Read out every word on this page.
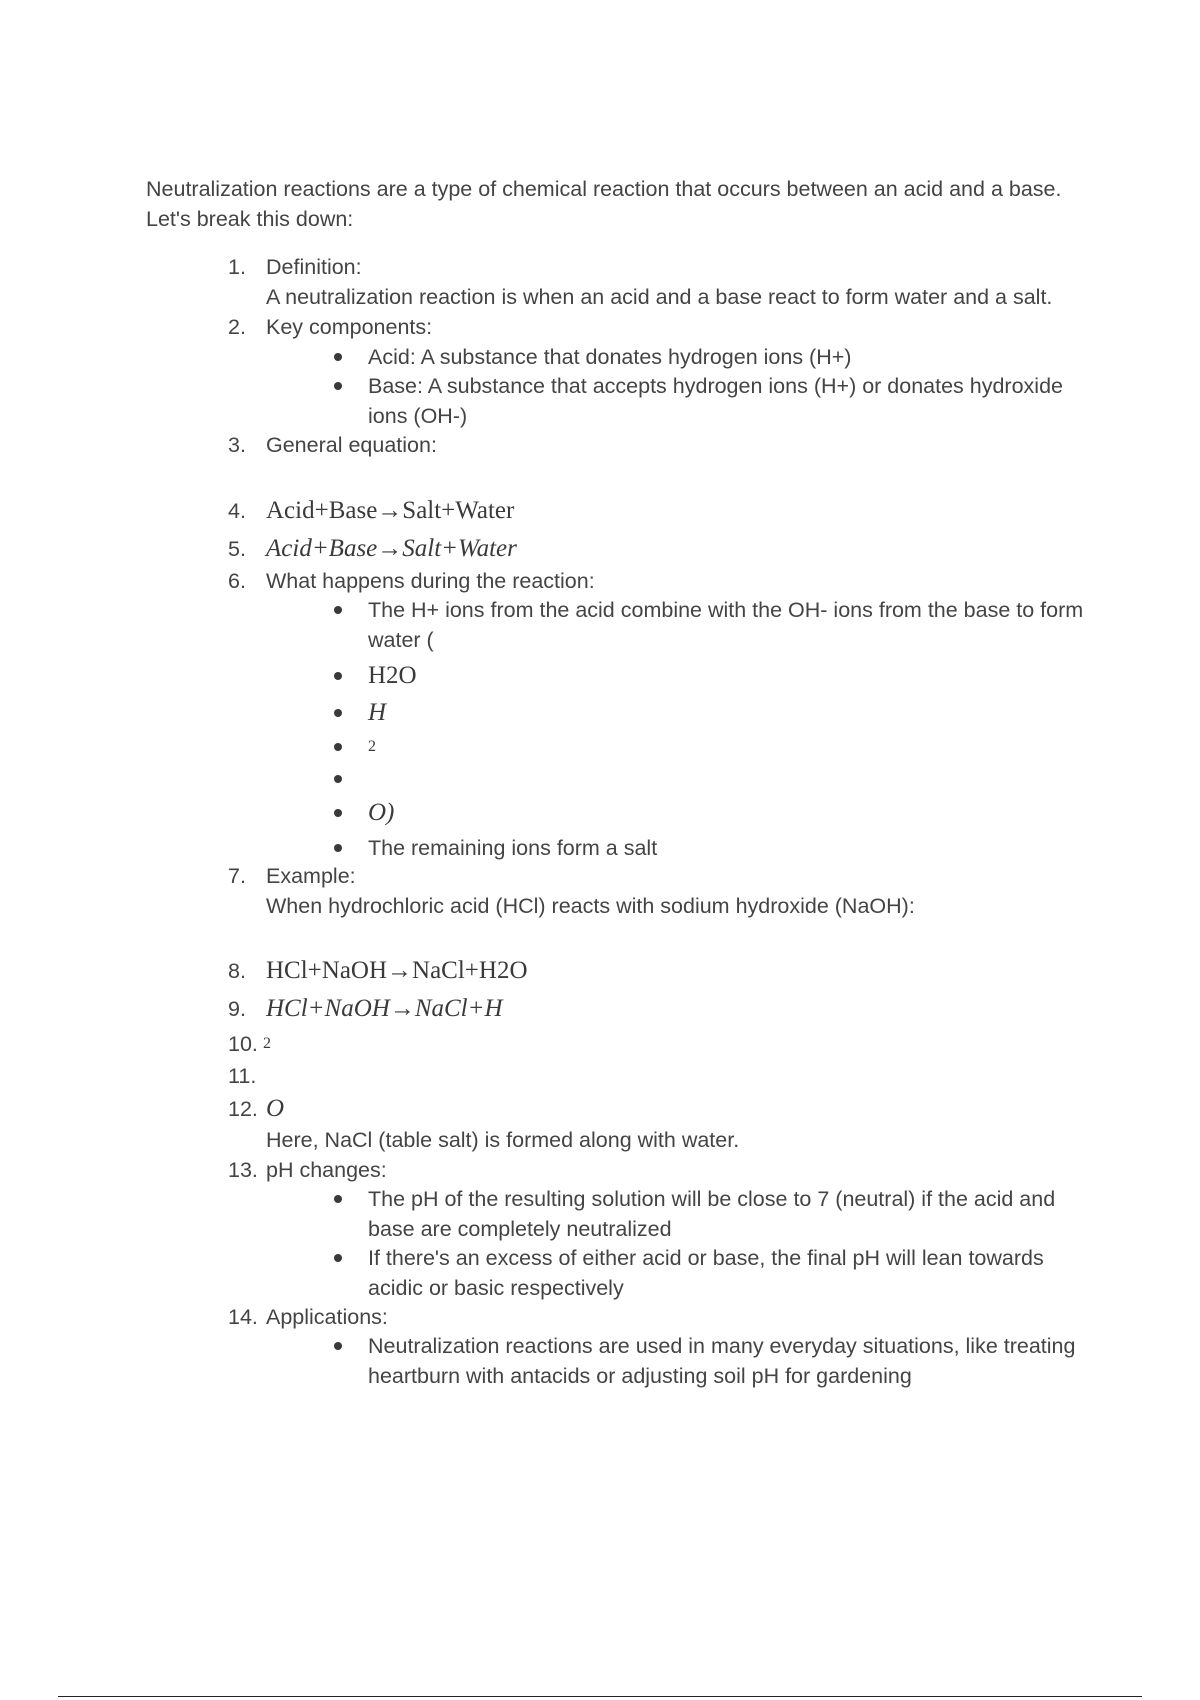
Neutralization reactions are a type of chemical reaction that occurs between an acid and a base. Let's break this down:

1. Definition:

A neutralization reaction is when an acid and a base react to form water and a salt.

2. Key components:
Acid: A substance that donates hydrogen ions (H+)
Base: A substance that accepts hydrogen ions (H+) or donates hydroxide ions (OH-)
3. General equation:
4. Acid+Base→Salt+Water
5. Acid+Base→Salt+Water
6. What happens during the reaction:
The H+ ions from the acid combine with the OH- ions from the base to form water (
H2O
H
2
O)
The remaining ions form a salt
7. Example:

When hydrochloric acid (HCl) reacts with sodium hydroxide (NaOH):

8. HCl+NaOH→NaCl+H2O
9. HCl+NaOH→NaCl+H
10. 2
11.
12. O

Here, NaCl (table salt) is formed along with water.

13. pH changes:
The pH of the resulting solution will be close to 7 (neutral) if the acid and base are completely neutralized
If there's an excess of either acid or base, the final pH will lean towards acidic or basic respectively
14. Applications:
Neutralization reactions are used in many everyday situations, like treating heartburn with antacids or adjusting soil pH for gardening
